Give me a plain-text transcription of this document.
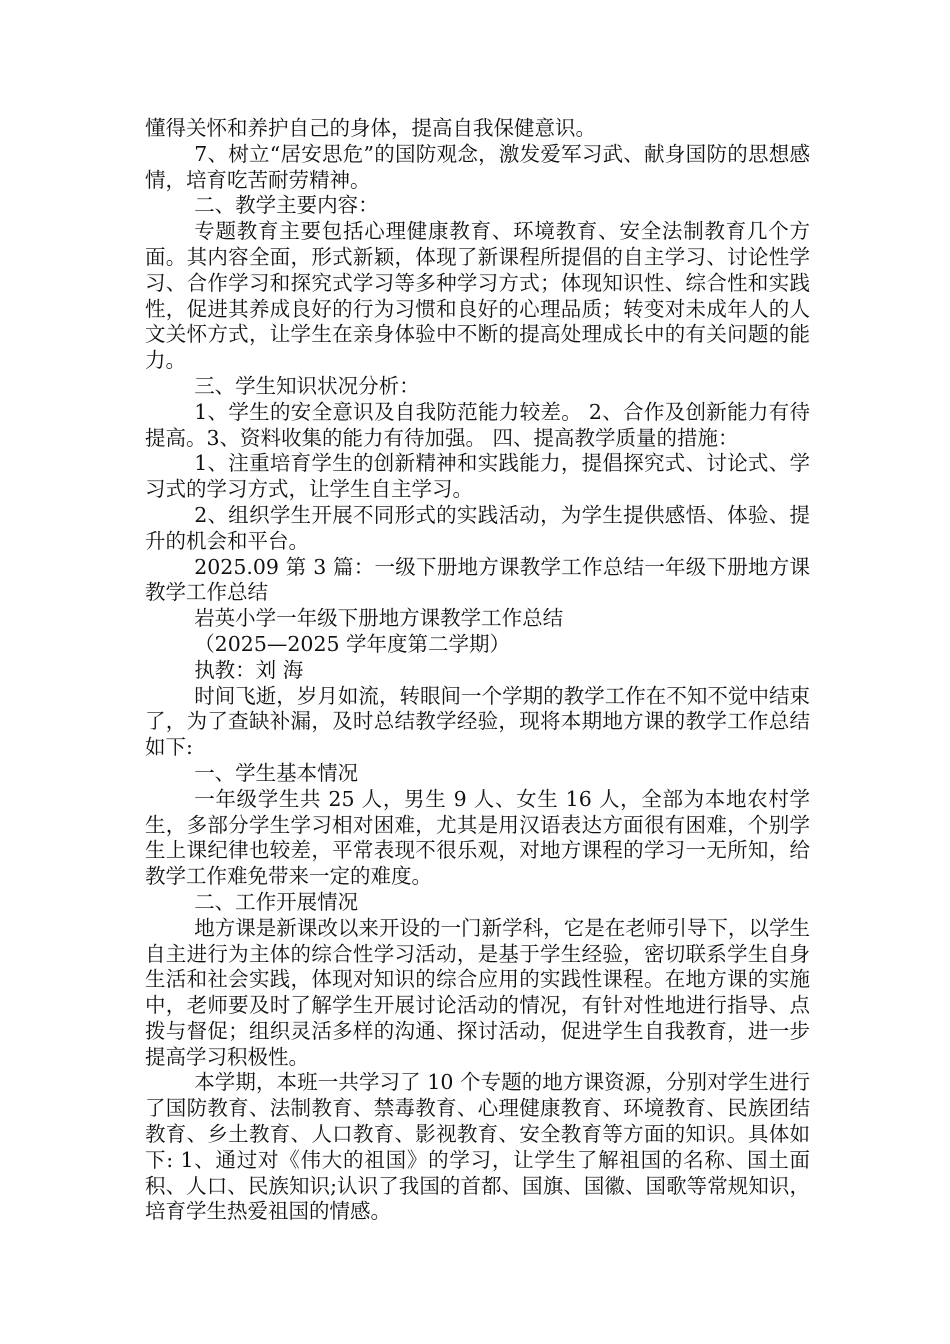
懂得关怀和养护自己的身体，提高自我保健意识。

7、树立“居安思危”的国防观念，激发爱军习武、献身国防的思想感情，培育吃苦耐劳精神。

二、教学主要内容：

专题教育主要包括心理健康教育、环境教育、安全法制教育几个方面。其内容全面，形式新颖，体现了新课程所提倡的自主学习、讨论性学习、合作学习和探究式学习等多种学习方式；体现知识性、综合性和实践性，促进其养成良好的行为习惯和良好的心理品质；转变对未成年人的人文关怀方式，让学生在亲身体验中不断的提高处理成长中的有关问题的能力。

三、学生知识状况分析：

1、学生的安全意识及自我防范能力较差。 2、合作及创新能力有待提高。3、资料收集的能力有待加强。 四、提高教学质量的措施：

1、注重培育学生的创新精神和实践能力，提倡探究式、讨论式、学习式的学习方式，让学生自主学习。

2、组织学生开展不同形式的实践活动，为学生提供感悟、体验、提升的机会和平台。

2025.09 第 3 篇：一级下册地方课教学工作总结一年级下册地方课教学工作总结

岩英小学一年级下册地方课教学工作总结

（2025—2025 学年度第二学期）

执教：刘 海

时间飞逝，岁月如流，转眼间一个学期的教学工作在不知不觉中结束了，为了查缺补漏，及时总结教学经验，现将本期地方课的教学工作总结如下:

一、学生基本情况

一年级学生共 25 人，男生 9 人、女生 16 人，全部为本地农村学生，多部分学生学习相对困难，尤其是用汉语表达方面很有困难，个别学生上课纪律也较差，平常表现不很乐观，对地方课程的学习一无所知，给教学工作难免带来一定的难度。

二、工作开展情况

地方课是新课改以来开设的一门新学科，它是在老师引导下，以学生自主进行为主体的综合性学习活动，是基于学生经验，密切联系学生自身生活和社会实践，体现对知识的综合应用的实践性课程。在地方课的实施中，老师要及时了解学生开展讨论活动的情况，有针对性地进行指导、点拨与督促；组织灵活多样的沟通、探讨活动，促进学生自我教育，进一步提高学习积极性。

本学期，本班一共学习了 10 个专题的地方课资源，分别对学生进行了国防教育、法制教育、禁毒教育、心理健康教育、环境教育、民族团结教育、乡土教育、人口教育、影视教育、安全教育等方面的知识。具体如下: 1、通过对《伟大的祖国》的学习，让学生了解祖国的名称、国土面积、人口、民族知识;认识了我国的首都、国旗、国徽、国歌等常规知识，培育学生热爱祖国的情感。
